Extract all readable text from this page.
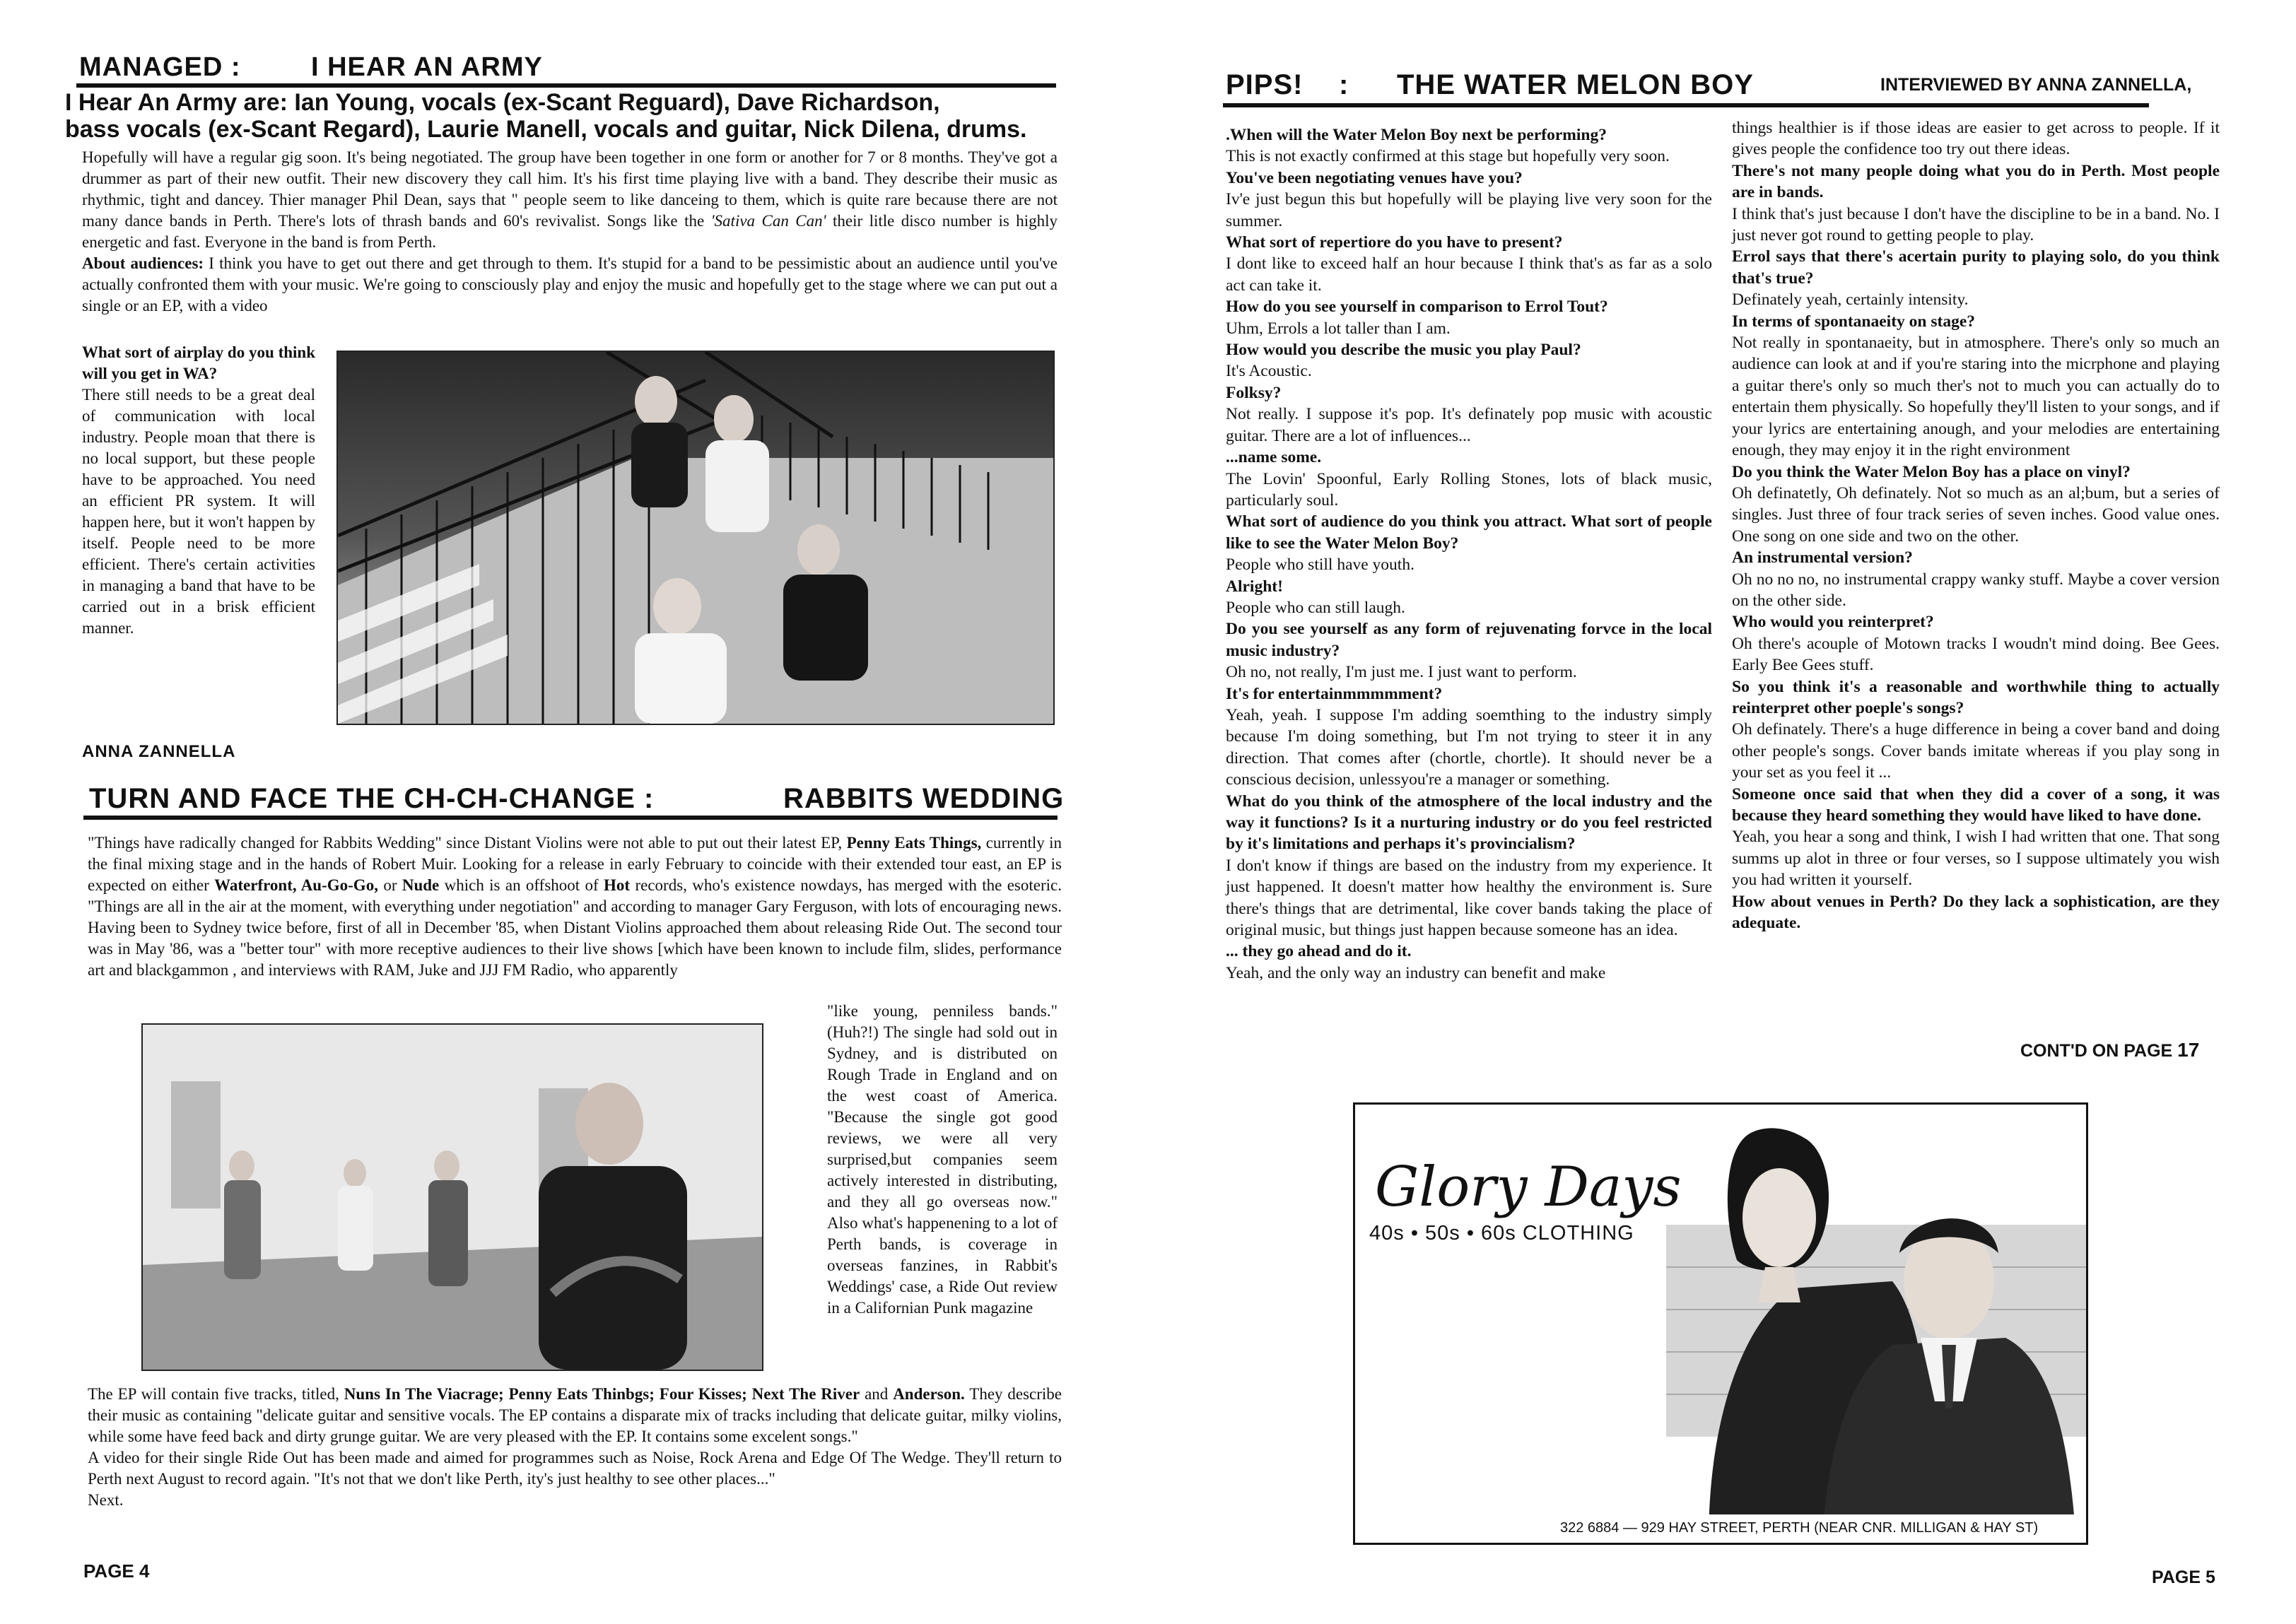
MANAGED :	I HEAR AN ARMY
I Hear An Army are: Ian Young, vocals (ex-Scant Reguard), Dave Richardson,
bass vocals (ex-Scant Regard), Laurie Manell, vocals and guitar, Nick Dilena, drums.

Hopefully will have a regular gig soon. It's being negotiated. The group have been together in one form or another for 7 or 8 months. They've got a drummer as part of their new outfit. Their new discovery they call him. It's his first time playing live with a band. They describe their music as rhythmic, tight and dancey. Thier manager Phil Dean, says that " people seem to like danceing to them, which is quite rare because there are not many dance bands in Perth. There's lots of thrash bands and 60's revivalist. Songs like the 'Sativa Can Can' their litle disco number is highly energetic and fast. Everyone in the band is from Perth.

About audiences: I think you have to get out there and get through to them. It's stupid for a band to be pessimistic about an audience until you've actually confronted them with your music. We're going to consciously play and enjoy the music and hopefully get to the stage where we can put out a single or an EP, with a video

What sort of airplay do you think will you get in WA?

There still needs to be a great deal of communication with local industry. People moan that there is no local support, but these people have to be approached. You need an efficient PR system. It will happen here, but it won't happen by itself. People need to be more efficient. There's certain activities in managing a band that have to be carried out in a brisk efficient manner.

ANNA ZANNELLA
TURN AND FACE THE CH-CH-CHANGE :	RABBITS WEDDING

"Things have radically changed for Rabbits Wedding" since Distant Violins were not able to put out their latest EP, Penny Eats Things, currently in the final mixing stage and in the hands of Robert Muir. Looking for a release in early February to coincide with their extended tour east, an EP is expected on either Waterfront, Au-Go-Go, or Nude which is an offshoot of Hot records, who's existence nowdays, has merged with the esoteric. "Things are all in the air at the moment, with everything under negotiation" and according to manager Gary Ferguson, with lots of encouraging news. Having been to Sydney twice before, first of all in December '85, when Distant Violins approached them about releasing Ride Out. The second tour was in May '86, was a "better tour" with more receptive audiences to their live shows [which have been known to include film, slides, performance art and blackgammon , and interviews with RAM, Juke and JJJ FM Radio, who apparently

"like young, penniless bands." (Huh?!) The single had sold out in Sydney, and is distributed on Rough Trade in England and on the west coast of America. "Because the single got good reviews, we were all very surprised,but companies seem actively interested in distributing, and they all go overseas now." Also what's happenening to a lot of Perth bands, is coverage in overseas fanzines, in Rabbit's Weddings' case, a Ride Out review in a Californian Punk magazine

The EP will contain five tracks, titled, Nuns In The Viacrage; Penny Eats Thinbgs; Four Kisses; Next The River and Anderson. They describe their music as containing "delicate guitar and sensitive vocals. The EP contains a disparate mix of tracks including that delicate guitar, milky violins, while some have feed back and dirty grunge guitar. We are very pleased with the EP. It contains some excelent songs."

A video for their single Ride Out has been made and aimed for programmes such as Noise, Rock Arena and Edge Of The Wedge. They'll return to Perth next August to record again. "It's not that we don't like Perth, ity's just healthy to see other places..."

Next.

PAGE 4
PIPS! : THE WATER MELON BOY	INTERVIEWED BY ANNA ZANNELLA,

.When will the Water Melon Boy next be performing?

This is not exactly confirmed at this stage but hopefully very soon.

You've been negotiating venues have you?

Iv'e just begun this but hopefully will be playing live very soon for the summer.

What sort of repertiore do you have to present?

I dont like to exceed half an hour because I think that's as far as a solo act can take it.

How do you see yourself in comparison to Errol Tout?

Uhm, Errols a lot taller than I am.

How would you describe the music you play Paul?

It's Acoustic.

Folksy?

Not really. I suppose it's pop. It's definately pop music with acoustic guitar. There are a lot of influences...

...name some.

The Lovin' Spoonful, Early Rolling Stones, lots of black music, particularly soul.

What sort of audience do you think you attract. What sort of people like to see the Water Melon Boy?

People who still have youth.

Alright!

People who can still laugh.

Do you see yourself as any form of rejuvenating forvce in the local music industry?

Oh no, not really, I'm just me. I just want to perform.

It's for entertainmmmmment?

Yeah, yeah. I suppose I'm adding soemthing to the industry simply because I'm doing something, but I'm not trying to steer it in any direction. That comes after (chortle, chortle). It should never be a conscious decision, unlessyou're a manager or something.

What do you think of the atmosphere of the local industry and the way it functions? Is it a nurturing industry or do you feel restricted by it's limitations and perhaps it's provincialism?

I don't know if things are based on the industry from my experience. It just happened. It doesn't matter how healthy the environment is. Sure there's things that are detrimental, like cover bands taking the place of original music, but things just happen because someone has an idea.

... they go ahead and do it.

Yeah, and the only way an industry can benefit and make

things healthier is if those ideas are easier to get across to people. If it gives people the confidence too try out there ideas.

There's not many people doing what you do in Perth. Most people are in bands.

I think that's just because I don't have the discipline to be in a band. No. I just never got round to getting people to play.

Errol says that there's acertain purity to playing solo, do you think that's true?

Definately yeah, certainly intensity.

In terms of spontanaeity on stage?

Not really in spontanaeity, but in atmosphere. There's only so much an audience can look at and if you're staring into the micrphone and playing a guitar there's only so much ther's not to much you can actually do to entertain them physically. So hopefully they'll listen to your songs, and if your lyrics are entertaining anough, and your melodies are entertaining enough, they may enjoy it in the right environment

Do you think the Water Melon Boy has a place on vinyl?

Oh definatetly, Oh definately. Not so much as an al;bum, but a series of singles. Just three of four track series of seven inches. Good value ones. One song on one side and two on the other.

An instrumental version?

Oh no no no, no instrumental crappy wanky stuff. Maybe a cover version on the other side.

Who would you reinterpret?

Oh there's acouple of Motown tracks I woudn't mind doing. Bee Gees. Early Bee Gees stuff.

So you think it's a reasonable and worthwhile thing to actually reinterpret other poeple's songs?

Oh definately. There's a huge difference in being a cover band and doing other people's songs. Cover bands imitate whereas if you play song in your set as you feel it ...

Someone once said that when they did a cover of a song, it was because they heard something they would have liked to have done.

Yeah, you hear a song and think, I wish I had written that one. That song summs up alot in three or four verses, so I suppose ultimately you wish you had written it yourself.

How about venues in Perth? Do they lack a sophistication, are they adequate.

CONT'D ON PAGE 17
Glory Days
40s • 50s • 60s CLOTHING
322 6884 — 929 HAY STREET, PERTH (NEAR CNR. MILLIGAN & HAY ST)
PAGE 5
